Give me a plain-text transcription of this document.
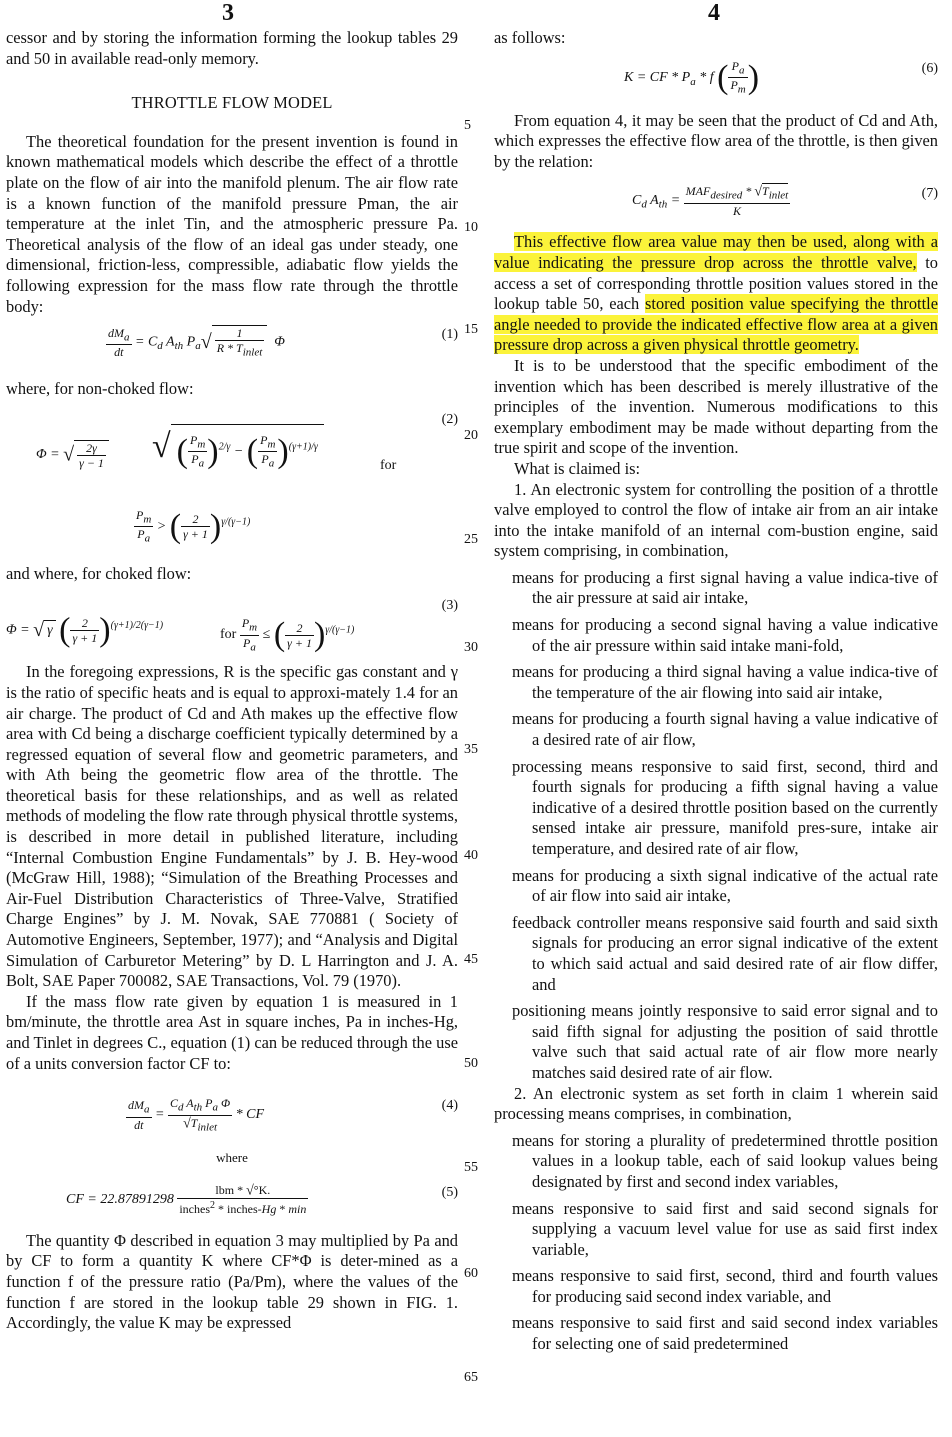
3	4
5
10
15
20
25
30
35
40
45
50
55
60
65

cessor and by storing the information forming the lookup tables 29 and 50 in available read-only memory.

THROTTLE FLOW MODEL

The theoretical foundation for the present invention is found in known mathematical models which describe the effect of a throttle plate on the flow of air into the manifold plenum. The air flow rate is a known function of the manifold pressure Pman, the air temperature at the inlet Tin, and the atmospheric pressure Pa. Theoretical analysis of the flow of an ideal gas under steady, one dimensional, friction-less, compressible, adiabatic flow yields the following expression for the mass flow rate through the throttle body:

dMa
dt
= $C_d$ $A_{th}$ $P_a√$	1
R * Tinlet
Φ	(1)

where, for non-choked flow:

Φ = √ $\frac{2\gamma}{\gamma - 1}$ √ ( $\frac{Pm}{Pa} )^{2/\gamma}$ − ( $\frac{Pm}{Pa} )^{(\gamma+1)/\gamma}$
for
$\frac{Pm}{Pa}$ > ( $\frac{2}{\gamma + 1} )^{\gamma/(\gamma-1)}$
(2)

and where, for choked flow:

Φ = √ γ ( $\frac{2}{\gamma + 1} )^{(\gamma+1)/2(\gamma-1)}$
for $\frac{Pm}{Pa}$ ≤ ( $\frac{2}{\gamma + 1} )^{\gamma/(\gamma-1)}$
(3)

In the foregoing expressions, R is the specific gas constant and γ is the ratio of specific heats and is equal to approxi-mately 1.4 for an air charge. The product of Cd and Ath makes up the effective flow area with Cd being a discharge coefficient typically determined by a regressed equation of several flow and geometric parameters, and with Ath being the geometric flow area of the throttle. The theoretical basis for these relationships, and as well as related methods of modeling the flow rate through physical throttle systems, is described in more detail in published literature, including “Internal Combustion Engine Fundamentals” by J. B. Hey-wood (McGraw Hill, 1988); “Simulation of the Breathing Processes and Air-Fuel Distribution Characteristics of Three-Valve, Stratified Charge Engines” by J. M. Novak, SAE 770881 ( Society of Automotive Engineers, September, 1977); and “Analysis and Digital Simulation of Carburetor Metering” by D. L Harrington and J. A. Bolt, SAE Paper 700082, SAE Transactions, Vol. 79 (1970).

If the mass flow rate given by equation 1 is measured in 1 bm/minute, the throttle area Ast in square inches, Pa in inches-Hg, and Tinlet in degrees C., equation (1) can be reduced through the use of a units conversion factor CF to:

dMa
dt
=
Cd Ath Pa Φ
√Tinlet
* CF
(4)
where
CF = 22.87891298
lbm * √°K.
inches$^2$ * inches-Hg * min
(5)

The quantity Φ described in equation 3 may multiplied by Pa and by CF to form a quantity K where CF*Φ is deter-mined as a function f of the pressure ratio (Pa/Pm), where the values of the function f are stored in the lookup table 29 shown in FIG. 1. Accordingly, the value K may be expressed

as follows:

K = CF * $P_a$ * f ( $\frac{Pa}{Pm}$ )	(6)

From equation 4, it may be seen that the product of Cd and Ath, which expresses the effective flow area of the throttle, is then given by the relation:

$C_d$ $A_{th}$ =
MAFdesired * √Tinlet
K
(7)

This effective flow area value may then be used, along with a value indicating the pressure drop across the throttle valve, to access a set of corresponding throttle position values stored in the lookup table 50, each stored position value specifying the throttle angle needed to provide the indicated effective flow area at a given pressure drop across a given physical throttle geometry.

It is to be understood that the specific embodiment of the invention which has been described is merely illustrative of the principles of the invention. Numerous modifications to this exemplary embodiment may be made without departing from the true spirit and scope of the invention.

What is claimed is:

1. An electronic system for controlling the position of a throttle valve employed to control the flow of intake air from an air intake into the intake manifold of an internal com-bustion engine, said system comprising, in combination,

means for producing a first signal having a value indica-tive of the air pressure at said air intake,

means for producing a second signal having a value indicative of the air pressure within said intake mani-fold,

means for producing a third signal having a value indica-tive of the temperature of the air flowing into said air intake,

means for producing a fourth signal having a value indicative of a desired rate of air flow,

processing means responsive to said first, second, third and fourth signals for producing a fifth signal having a value indicative of a desired throttle position based on the currently sensed intake air pressure, manifold pres-sure, intake air temperature, and desired rate of air flow,

means for producing a sixth signal indicative of the actual rate of air flow into said air intake,

feedback controller means responsive said fourth and said sixth signals for producing an error signal indicative of the extent to which said actual and said desired rate of air flow differ, and

positioning means jointly responsive to said error signal and to said fifth signal for adjusting the position of said throttle valve such that said actual rate of air flow more nearly matches said desired rate of air flow.

2. An electronic system as set forth in claim 1 wherein said processing means comprises, in combination,

means for storing a plurality of predetermined throttle position values in a lookup table, each of said lookup values being designated by first and second index variables,

means responsive to said first and said second signals for supplying a vacuum level value for use as said first index variable,

means responsive to said first, second, third and fourth values for producing said second index variable, and

means responsive to said first and said second index variables for selecting one of said predetermined
